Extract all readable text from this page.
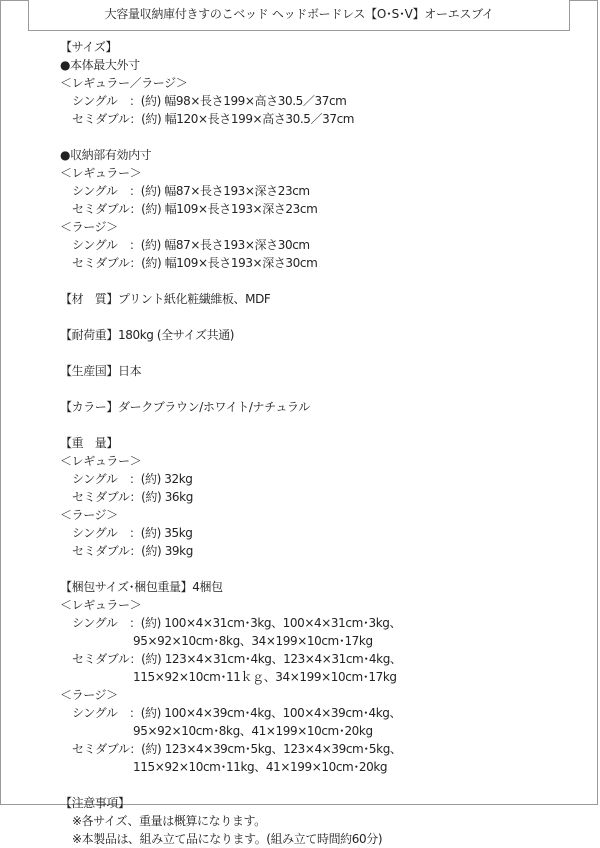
大容量収納庫付きすのこベッド ヘッドボードレス【O･S･V】オーエスブイ
【サイズ】
●本体最大外寸
＜レギュラー／ラージ＞
シングル　：(約) 幅98×長さ199×高さ30.5／37cm
セミダブル：(約) 幅120×長さ199×高さ30.5／37cm
●収納部有効内寸
＜レギュラー＞
シングル　：(約) 幅87×長さ193×深さ23cm
セミダブル：(約) 幅109×長さ193×深さ23cm
＜ラージ＞
シングル　：(約) 幅87×長さ193×深さ30cm
セミダブル：(約) 幅109×長さ193×深さ30cm
【材　質】プリント紙化粧繊維板、MDF
【耐荷重】180kg (全サイズ共通)
【生産国】日本
【カラー】ダークブラウン/ホワイト/ナチュラル
【重　量】
＜レギュラー＞
シングル　：(約) 32kg
セミダブル：(約) 36kg
＜ラージ＞
シングル　：(約) 35kg
セミダブル：(約) 39kg
【梱包サイズ･梱包重量】4梱包
＜レギュラー＞
シングル　：(約) 100×4×31cm･3kg、100×4×31cm･3kg、
95×92×10cm･8kg、34×199×10cm･17kg
セミダブル：(約) 123×4×31cm･4kg、123×4×31cm･4kg、
115×92×10cm･11ｋｇ、34×199×10cm･17kg
＜ラージ＞
シングル　：(約) 100×4×39cm･4kg、100×4×39cm･4kg、
95×92×10cm･8kg、41×199×10cm･20kg
セミダブル：(約) 123×4×39cm･5kg、123×4×39cm･5kg、
115×92×10cm･11kg、41×199×10cm･20kg
【注意事項】
※各サイズ、重量は概算になります。
※本製品は、組み立て品になります。(組み立て時間約60分)
